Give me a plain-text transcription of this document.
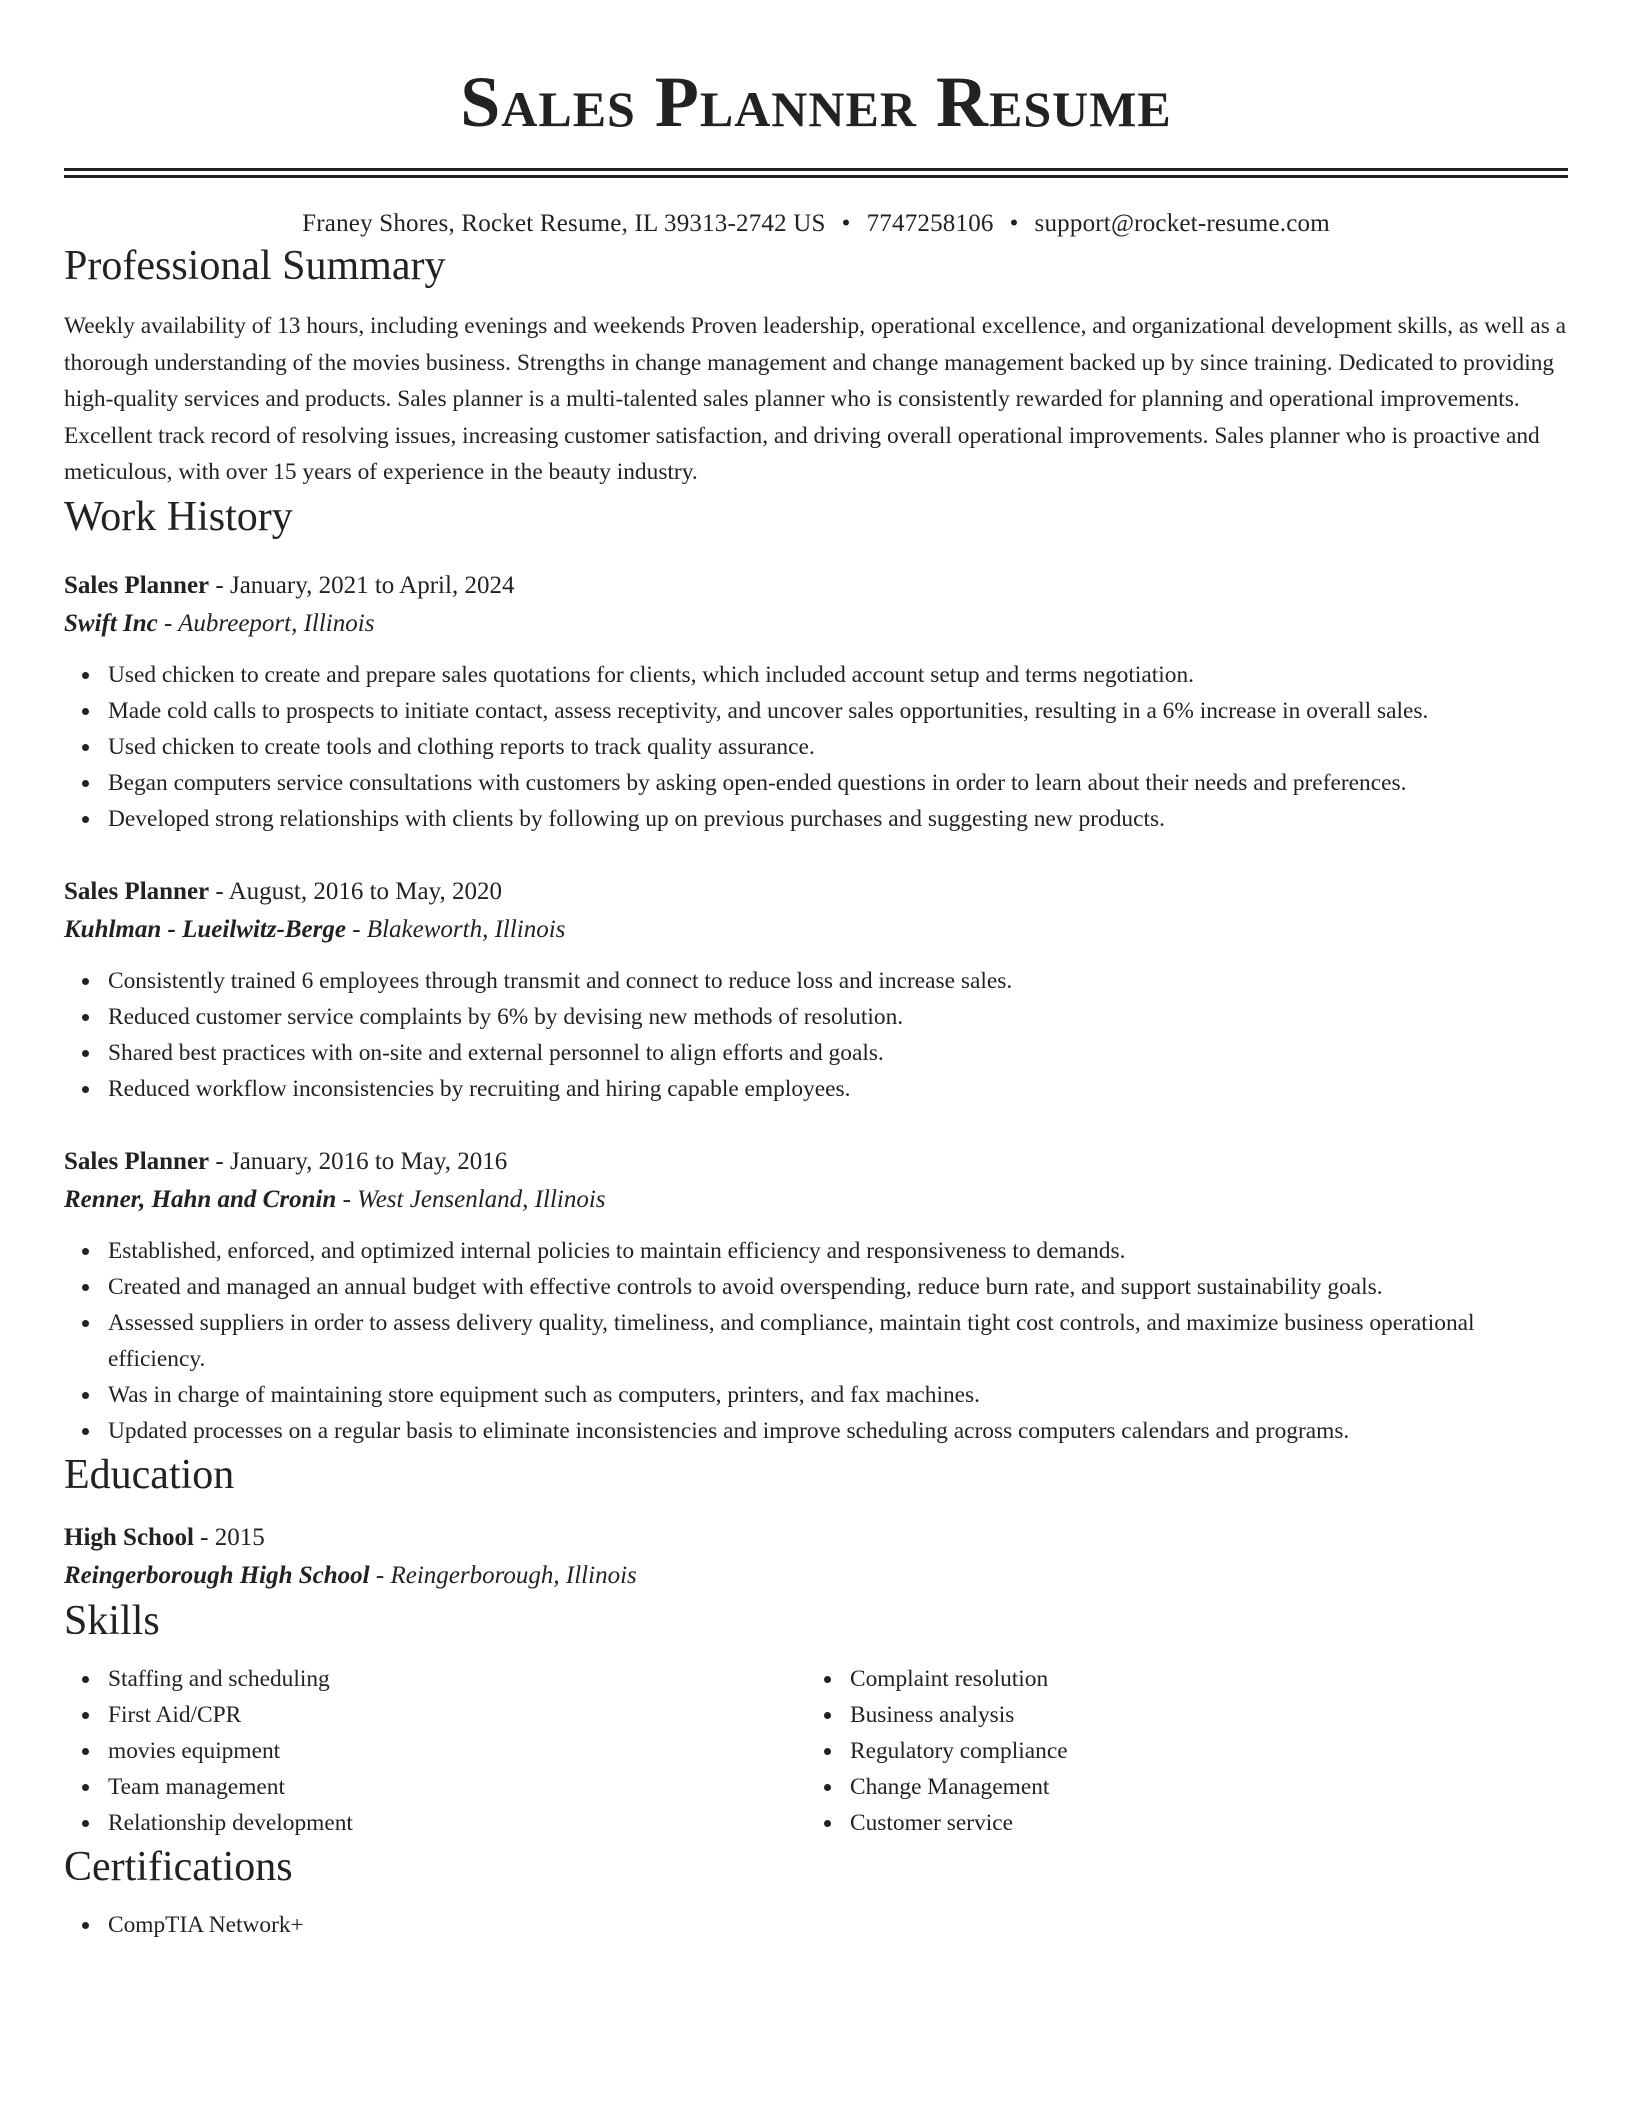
Sales Planner Resume
Franey Shores, Rocket Resume, IL 39313-2742 US • 7747258106 • support@rocket-resume.com
Professional Summary

Weekly availability of 13 hours, including evenings and weekends Proven leadership, operational excellence, and organizational development skills, as well as a thorough understanding of the movies business. Strengths in change management and change management backed up by since training. Dedicated to providing high-quality services and products. Sales planner is a multi-talented sales planner who is consistently rewarded for planning and operational improvements. Excellent track record of resolving issues, increasing customer satisfaction, and driving overall operational improvements. Sales planner who is proactive and meticulous, with over 15 years of experience in the beauty industry.

Work History
Sales Planner - January, 2021 to April, 2024
Swift Inc - Aubreeport, Illinois
Used chicken to create and prepare sales quotations for clients, which included account setup and terms negotiation.
Made cold calls to prospects to initiate contact, assess receptivity, and uncover sales opportunities, resulting in a 6% increase in overall sales.
Used chicken to create tools and clothing reports to track quality assurance.
Began computers service consultations with customers by asking open-ended questions in order to learn about their needs and preferences.
Developed strong relationships with clients by following up on previous purchases and suggesting new products.
Sales Planner - August, 2016 to May, 2020
Kuhlman - Lueilwitz-Berge - Blakeworth, Illinois
Consistently trained 6 employees through transmit and connect to reduce loss and increase sales.
Reduced customer service complaints by 6% by devising new methods of resolution.
Shared best practices with on-site and external personnel to align efforts and goals.
Reduced workflow inconsistencies by recruiting and hiring capable employees.
Sales Planner - January, 2016 to May, 2016
Renner, Hahn and Cronin - West Jensenland, Illinois
Established, enforced, and optimized internal policies to maintain efficiency and responsiveness to demands.
Created and managed an annual budget with effective controls to avoid overspending, reduce burn rate, and support sustainability goals.
Assessed suppliers in order to assess delivery quality, timeliness, and compliance, maintain tight cost controls, and maximize business operational efficiency.
Was in charge of maintaining store equipment such as computers, printers, and fax machines.
Updated processes on a regular basis to eliminate inconsistencies and improve scheduling across computers calendars and programs.
Education
High School - 2015
Reingerborough High School - Reingerborough, Illinois
Skills
Staffing and scheduling
First Aid/CPR
movies equipment
Team management
Relationship development
Complaint resolution
Business analysis
Regulatory compliance
Change Management
Customer service
Certifications
CompTIA Network+
